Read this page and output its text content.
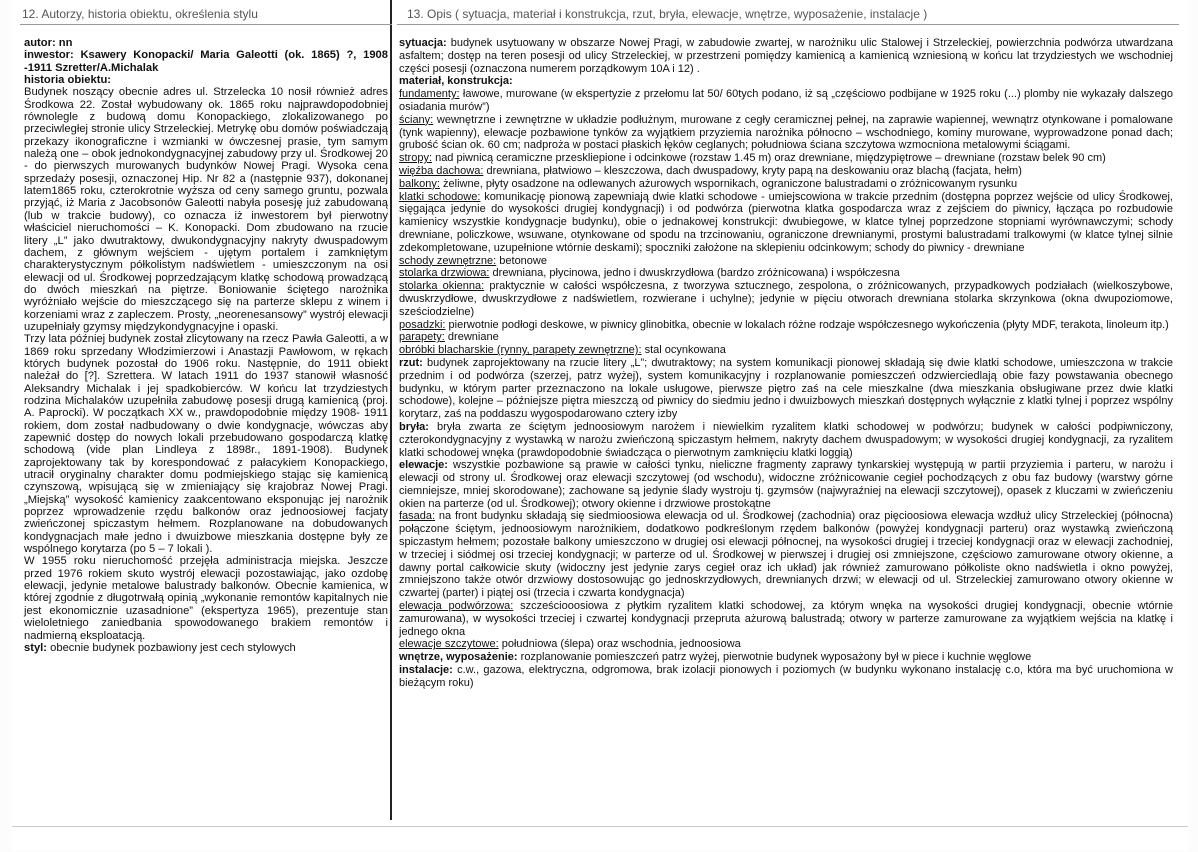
12. Autorzy, historia obiektu, określenia stylu

autor: nn

inwestor: Ksawery Konopacki/ Maria Galeotti (ok. 1865) ?, 1908 -1911 Szretter/A.Michalak

historia obiektu:

Budynek noszący obecnie adres ul. Strzelecka 10 nosił również adres Środkowa 22. Został wybudowany ok. 1865 roku najprawdopodobniej równolegle z budową domu Konopackiego, zlokalizowanego po przeciwległej stronie ulicy Strzeleckiej. Metrykę obu domów poświadczają przekazy ikonograficzne i wzmianki w ówczesnej prasie, tym samym należą one – obok jednokondygnacyjnej zabudowy przy ul. Środkowej 20 - do pierwszych murowanych budynków Nowej Pragi. Wysoka cena sprzedaży posesji, oznaczonej Hip. Nr 82 a (następnie 937), dokonanej latem1865 roku, czterokrotnie wyższa od ceny samego gruntu, pozwala przyjąć, iż Maria z Jacobsonów Galeotti nabyła posesję już zabudowaną (lub w trakcie budowy), co oznacza iż inwestorem był pierwotny właściciel nieruchomości – K. Konopacki. Dom zbudowano na rzucie litery „L” jako dwutraktowy, dwukondygnacyjny nakryty dwuspadowym dachem, z głównym wejściem - ujętym portalem i zamkniętym charakterystycznym półkolistym nadświetlem - umieszczonym na osi elewacji od ul. Środkowej poprzedzającym klatkę schodową prowadzącą do dwóch mieszkań na piętrze. Boniowanie ściętego narożnika wyróżniało wejście do mieszczącego się na parterze sklepu z winem i korzeniami wraz z zapleczem. Prosty, „neorenesansowy” wystrój elewacji uzupełniały gzymsy międzykondygnacyjne i opaski.

Trzy lata później budynek został zlicytowany na rzecz Pawła Galeotti, a w 1869 roku sprzedany Włodzimierzowi i Anastazji Pawłowom, w rękach których budynek pozostał do 1906 roku. Następnie, do 1911 obiekt należał do [?]. Szrettera. W latach 1911 do 1937 stanowił własność Aleksandry Michalak i jej spadkobierców. W końcu lat trzydziestych rodzina Michalaków uzupełniła zabudowę posesji drugą kamienicą (proj. A. Paprocki). W początkach XX w., prawdopodobnie między 1908- 1911 rokiem, dom został nadbudowany o dwie kondygnacje, wówczas aby zapewnić dostęp do nowych lokali przebudowano gospodarczą klatkę schodową (vide plan Lindleya z 1898r., 1891-1908). Budynek zaprojektowany tak by korespondować z pałacykiem Konopackiego, utracił oryginalny charakter domu podmiejskiego stając się kamienicą czynszową, wpisującą się w zmieniający się krajobraz Nowej Pragi. „Miejską” wysokość kamienicy zaakcentowano eksponując jej narożnik poprzez wprowadzenie rzędu balkonów oraz jednoosiowej facjaty zwieńczonej spiczastym hełmem. Rozplanowane na dobudowanych kondygnacjach małe jedno i dwuizbowe mieszkania dostępne były ze wspólnego korytarza (po 5 – 7 lokali ).

W 1955 roku nieruchomość przejęła administracja miejska. Jeszcze przed 1976 rokiem skuto wystrój elewacji pozostawiając, jako ozdobę elewacji, jedynie metalowe balustrady balkonów. Obecnie kamienica, w której zgodnie z długotrwałą opinią „wykonanie remontów kapitalnych nie jest ekonomicznie uzasadnione” (ekspertyza 1965), prezentuje stan wieloletniego zaniedbania spowodowanego brakiem remontów i nadmierną eksploatacją.

styl: obecnie budynek pozbawiony jest cech stylowych

13. Opis ( sytuacja, materiał i konstrukcja, rzut, bryła, elewacje, wnętrze, wyposażenie, instalacje )

sytuacja: budynek usytuowany w obszarze Nowej Pragi, w zabudowie zwartej, w narożniku ulic Stalowej i Strzeleckiej, powierzchnia podwórza utwardzana asfaltem; dostęp na teren posesji od ulicy Strzeleckiej, w przestrzeni pomiędzy kamienicą a kamienicą wzniesioną w końcu lat trzydziestych we wschodniej części posesji (oznaczona numerem porządkowym 10A i 12) .

materiał, konstrukcja:

fundamenty: ławowe, murowane (w ekspertyzie z przełomu lat 50/ 60tych podano, iż są „częściowo podbijane w 1925 roku (...) plomby nie wykazały dalszego osiadania murów”)

ściany: wewnętrzne i zewnętrzne w układzie podłużnym, murowane z cegły ceramicznej pełnej, na zaprawie wapiennej, wewnątrz otynkowane i pomalowane (tynk wapienny), elewacje pozbawione tynków za wyjątkiem przyziemia narożnika północno – wschodniego, kominy murowane, wyprowadzone ponad dach; grubość ścian ok. 60 cm; nadproża w postaci płaskich łęków ceglanych; południowa ściana szczytowa wzmocniona metalowymi ściągami.

stropy: nad piwnicą ceramiczne przeskliepione i odcinkowe (rozstaw 1.45 m) oraz drewniane, międzypiętrowe – drewniane (rozstaw belek 90 cm)

więźba dachowa: drewniana, płatwiowo – kleszczowa, dach dwuspadowy, kryty papą na deskowaniu oraz blachą (facjata, hełm)

balkony: żeliwne, płyty osadzone na odlewanych ażurowych wspornikach, ograniczone balustradami o zróżnicowanym rysunku

klatki schodowe: komunikację pionową zapewniają dwie klatki schodowe - umiejscowiona w trakcie przednim (dostępna poprzez wejście od ulicy Środkowej, sięgająca jedynie do wysokości drugiej kondygnacji) i od podwórza (pierwotna klatka gospodarcza wraz z zejściem do piwnicy, łącząca po rozbudowie kamienicy wszystkie kondygnacje budynku), obie o jednakowej konstrukcji: dwubiegowe, w klatce tylnej poprzedzone stopniami wyrównawczymi; schody drewniane, policzkowe, wsuwane, otynkowane od spodu na trzcinowaniu, ograniczone drewnianymi, prostymi balustradami tralkowymi (w klatce tylnej silnie zdekompletowane, uzupełnione wtórnie deskami); spoczniki założone na sklepieniu odcinkowym; schody do piwnicy - drewniane

schody zewnętrzne: betonowe

stolarka drzwiowa: drewniana, płycinowa, jedno i dwuskrzydłowa (bardzo zróżnicowana) i współczesna

stolarka okienna: praktycznie w całości współczesna, z tworzywa sztucznego, zespolona, o zróżnicowanych, przypadkowych podziałach (wielkoszybowe, dwuskrzydłowe, dwuskrzydłowe z nadświetlem, rozwierane i uchylne); jedynie w pięciu otworach drewniana stolarka skrzynkowa (okna dwupoziomowe, sześciodzielne)

posadzki: pierwotnie podłogi deskowe, w piwnicy glinobitka, obecnie w lokalach różne rodzaje współczesnego wykończenia (płyty MDF, terakota, linoleum itp.)

parapety: drewniane

obróbki blacharskie (rynny, parapety zewnętrzne): stal ocynkowana

rzut: budynek zaprojektowany na rzucie litery „L”; dwutraktowy; na system komunikacji pionowej składają się dwie klatki schodowe, umieszczona w trakcie przednim i od podwórza (szerzej, patrz wyżej), system komunikacyjny i rozplanowanie pomieszczeń odzwierciedlają obie fazy powstawania obecnego budynku, w którym parter przeznaczono na lokale usługowe, pierwsze piętro zaś na cele mieszkalne (dwa mieszkania obsługiwane przez dwie klatki schodowe), kolejne – późniejsze piętra mieszczą od piwnicy do siedmiu jedno i dwuizbowych mieszkań dostępnych wyłącznie z klatki tylnej i poprzez wspólny korytarz, zaś na poddaszu wygospodarowano cztery izby

bryła: bryła zwarta ze ściętym jednoosiowym narożem i niewielkim ryzalitem klatki schodowej w podwórzu; budynek w całości podpiwniczony, czterokondygnacyjny z wystawką w narożu zwieńczoną spiczastym hełmem, nakryty dachem dwuspadowym; w wysokości drugiej kondygnacji, za ryzalitem klatki schodowej wnęka (prawdopodobnie świadcząca o pierwotnym zamknięciu klatki loggią)

elewacje: wszystkie pozbawione są prawie w całości tynku, nieliczne fragmenty zaprawy tynkarskiej występują w partii przyziemia i parteru, w narożu i elewacji od strony ul. Środkowej oraz elewacji szczytowej (od wschodu), widoczne zróżnicowanie cegieł pochodzących z obu faz budowy (warstwy górne ciemniejsze, mniej skorodowane); zachowane są jedynie ślady wystroju tj. gzymsów (najwyraźniej na elewacji szczytowej), opasek z kluczami w zwieńczeniu okien na parterze (od ul. Środkowej); otwory okienne i drzwiowe prostokątne

fasada: na front budynku składają się siedmioosiowa elewacja od ul. Środkowej (zachodnia) oraz pięcioosiowa elewacja wzdłuż ulicy Strzeleckiej (północna) połączone ściętym, jednoosiowym narożnikiem, dodatkowo podkreślonym rzędem balkonów (powyżej kondygnacji parteru) oraz wystawką zwieńczoną spiczastym hełmem; pozostałe balkony umieszczono w drugiej osi elewacji północnej, na wysokości drugiej i trzeciej kondygnacji oraz w elewacji zachodniej, w trzeciej i siódmej osi trzeciej kondygnacji; w parterze od ul. Środkowej w pierwszej i drugiej osi zmniejszone, częściowo zamurowane otwory okienne, a dawny portal całkowicie skuty (widoczny jest jedynie zarys cegieł oraz ich układ) jak również zamurowano półkoliste okno nadświetla i okno powyżej, zmniejszono także otwór drzwiowy dostosowując go jednoskrzydłowych, drewnianych drzwi; w elewacji od ul. Strzeleckiej zamurowano otwory okienne w czwartej (parter) i piątej osi (trzecia i czwarta kondygnacja)

elewacja podwórzowa: szcześciooosiowa z płytkim ryzalitem klatki schodowej, za którym wnęka na wysokości drugiej kondygnacji, obecnie wtórnie zamurowana), w wysokości trzeciej i czwartej kondygnacji przepruta ażurową balustradą; otwory w parterze zamurowane za wyjątkiem wejścia na klatkę i jednego okna

elewacje szczytowe: południowa (ślepa) oraz wschodnia, jednoosiowa

wnętrze, wyposażenie: rozplanowanie pomieszczeń patrz wyżej, pierwotnie budynek wyposażony był w piece i kuchnie węglowe

instalacje: c.w., gazowa, elektryczna, odgromowa, brak izolacji pionowych i poziomych (w budynku wykonano instalację c.o, która ma być uruchomiona w bieżącym roku)
